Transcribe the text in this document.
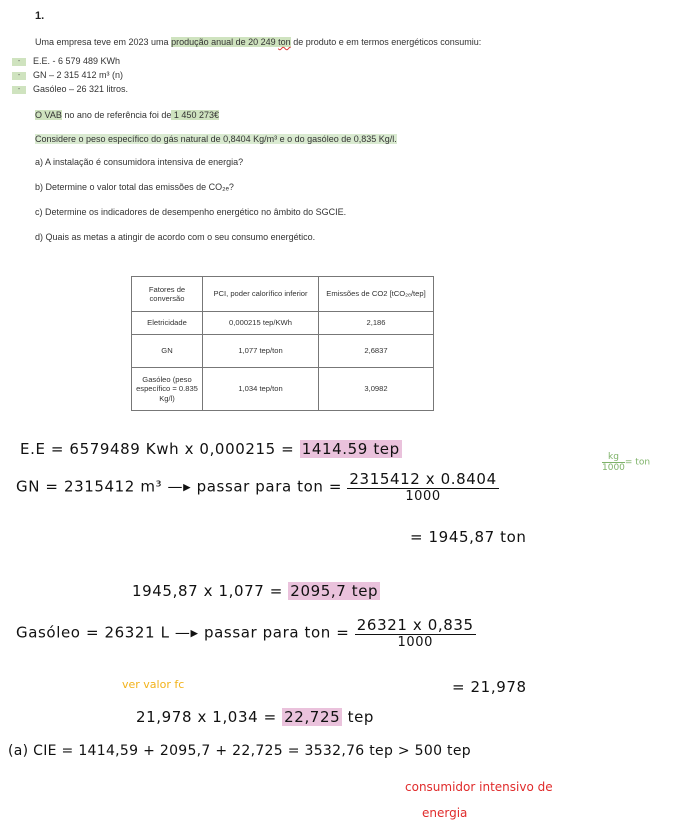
1.
Uma empresa teve em 2023 uma produção anual de 20 249 ton de produto e em termos energéticos consumiu:
- E.E. - 6 579 489 KWh
- GN – 2 315 412 m³ (n)
- Gasóleo – 26 321 litros.
O VAB no ano de referência foi de 1 450 273€
Considere o peso específico do gás natural de 0,8404 Kg/m³ e o do gasóleo de 0,835 Kg/l.
a) A instalação é consumidora intensiva de energia?
b) Determine o valor total das emissões de CO₂ₑ?
c) Determine os indicadores de desempenho energético no âmbito do SGCIE.
d) Quais as metas a atingir de acordo com o seu consumo energético.
Fatores de conversão	PCI, poder calorífico inferior	Emissões de CO2 [tCO₂ₑ/tep]
Eletricidade	0,000215 tep/KWh	2,186
GN	1,077 tep/ton	2,6837
Gasóleo (peso específico = 0.835 Kg/l)	1,034 tep/ton	3,0982
E.E = 6579489 Kwh x 0,000215 = 1414.59 tep
GN = 2315412 m³ —▸ passar para ton = $\frac{2315412 x 0.8404}{1000}$
$\frac{kg}{1000}$ = ton
= 1945,87 ton
1945,87 x 1,077 = 2095,7 tep
Gasóleo = 26321 L —▸ passar para ton = $\frac{26321 x 0,835}{1000}$
ver valor fc	= 21,978
21,978 x 1,034 = 22,725 tep
(a) CIE = 1414,59 + 2095,7 + 22,725 = 3532,76 tep > 500 tep
consumidor intensivo de
energia
